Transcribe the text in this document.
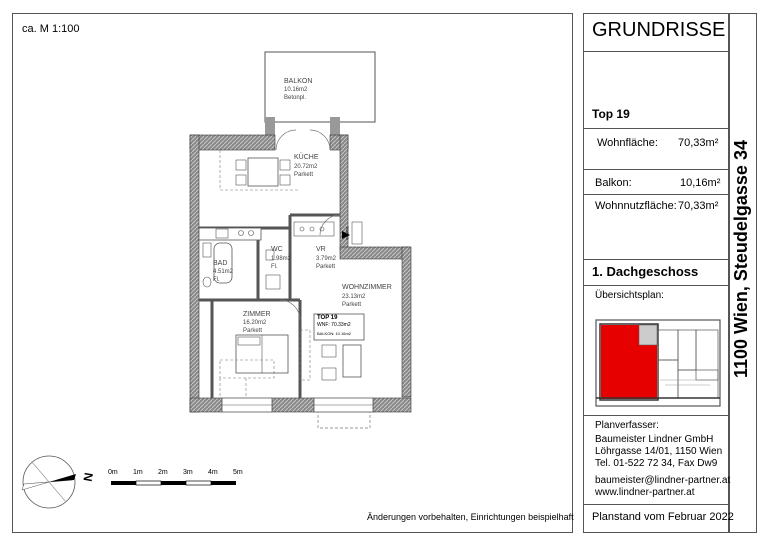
ca. M 1:100
Änderungen vorbehalten, Einrichtungen beispielhaft
BALKON
10.16m2
Betonpl.
KÜCHE
20.72m2
Parkett
BAD
4.51m2
Fl.
WC
1.98m2
Fl.
VR
3.79m2
Parkett
WOHNZIMMER
23.13m2
Parkett
ZIMMER
16.20m2
Parkett
TOP 19
WNF: 70.33m2
BALKON: 10.16m2
TOP 19
N 0m 1m 2m 3m 4m 5m
GRUNDRISSE
Top 19
Wohnfläche: 70,33m²
Balkon:	10,16m²
Wohnnutzfläche: 70,33m²
1. Dachgeschoss
Übersichtsplan:
Planverfasser:
Baumeister Lindner GmbH
Löhrgasse 14/01, 1150 Wien
Tel. 01-522 72 34, Fax Dw9
baumeister@lindner-partner.at
www.lindner-partner.at
Planstand vom Februar 2022
1100 Wien, Steudelgasse 34
